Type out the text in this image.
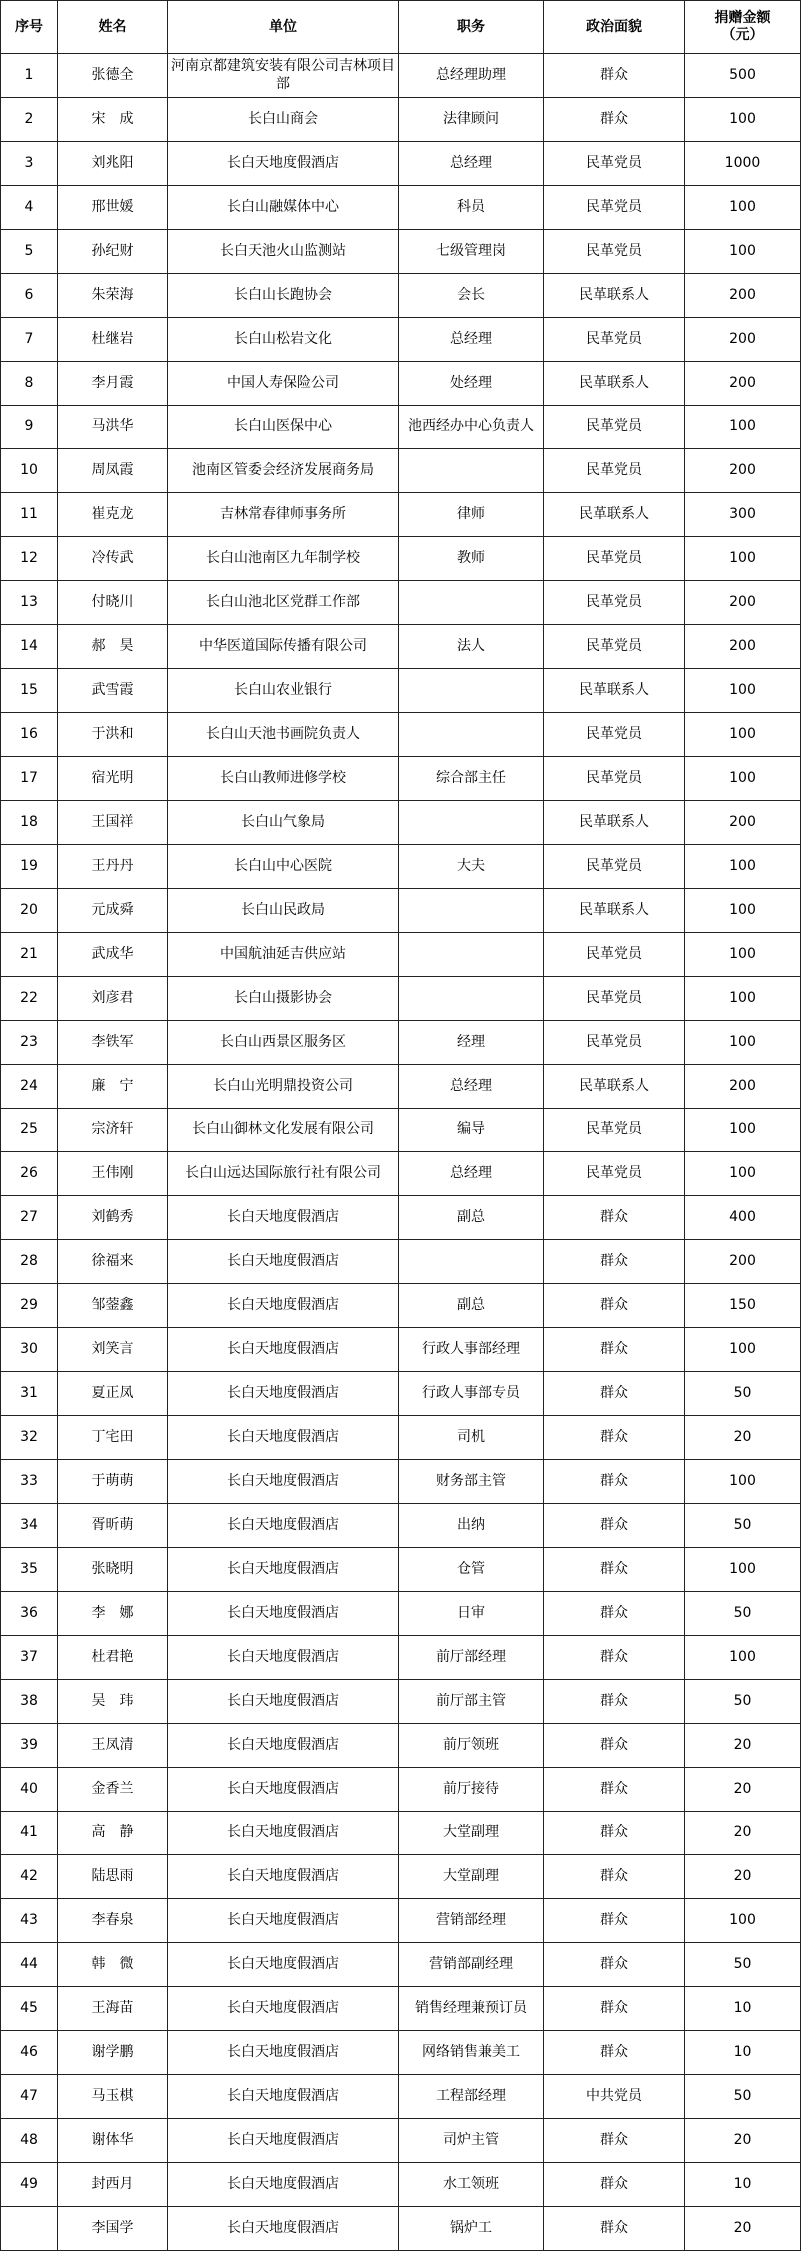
序号	姓名	单位	职务	政治面貌	捐赠金额
（元）
1	张德全	河南京都建筑安装有限公司吉林项目部	总经理助理	群众	500
2	宋　成	长白山商会	法律顾问	群众	100
3	刘兆阳	长白天地度假酒店	总经理	民革党员	1000
4	邢世媛	长白山融媒体中心	科员	民革党员	100
5	孙纪财	长白天池火山监测站	七级管理岗	民革党员	100
6	朱荣海	长白山长跑协会	会长	民革联系人	200
7	杜继岩	长白山松岩文化	总经理	民革党员	200
8	李月霞	中国人寿保险公司	处经理	民革联系人	200
9	马洪华	长白山医保中心	池西经办中心负责人	民革党员	100
10	周凤霞	池南区管委会经济发展商务局		民革党员	200
11	崔克龙	吉林常春律师事务所	律师	民革联系人	300
12	冷传武	长白山池南区九年制学校	教师	民革党员	100
13	付晓川	长白山池北区党群工作部		民革党员	200
14	郝　昊	中华医道国际传播有限公司	法人	民革党员	200
15	武雪霞	长白山农业银行		民革联系人	100
16	于洪和	长白山天池书画院负责人		民革党员	100
17	宿光明	长白山教师进修学校	综合部主任	民革党员	100
18	王国祥	长白山气象局		民革联系人	200
19	王丹丹	长白山中心医院	大夫	民革党员	100
20	元成舜	长白山民政局		民革联系人	100
21	武成华	中国航油延吉供应站		民革党员	100
22	刘彦君	长白山摄影协会		民革党员	100
23	李铁军	长白山西景区服务区	经理	民革党员	100
24	廉　宁	长白山光明鼎投资公司	总经理	民革联系人	200
25	宗济轩	长白山御林文化发展有限公司	编导	民革党员	100
26	王伟刚	长白山远达国际旅行社有限公司	总经理	民革党员	100
27	刘鹤秀	长白天地度假酒店	副总	群众	400
28	徐福来	长白天地度假酒店		群众	200
29	邹蓥鑫	长白天地度假酒店	副总	群众	150
30	刘笑言	长白天地度假酒店	行政人事部经理	群众	100
31	夏正凤	长白天地度假酒店	行政人事部专员	群众	50
32	丁宅田	长白天地度假酒店	司机	群众	20
33	于萌萌	长白天地度假酒店	财务部主管	群众	100
34	胥昕萌	长白天地度假酒店	出纳	群众	50
35	张晓明	长白天地度假酒店	仓管	群众	100
36	李　娜	长白天地度假酒店	日审	群众	50
37	杜君艳	长白天地度假酒店	前厅部经理	群众	100
38	吴　玮	长白天地度假酒店	前厅部主管	群众	50
39	王凤清	长白天地度假酒店	前厅领班	群众	20
40	金香兰	长白天地度假酒店	前厅接待	群众	20
41	高　静	长白天地度假酒店	大堂副理	群众	20
42	陆思雨	长白天地度假酒店	大堂副理	群众	20
43	李春泉	长白天地度假酒店	营销部经理	群众	100
44	韩　微	长白天地度假酒店	营销部副经理	群众	50
45	王海苗	长白天地度假酒店	销售经理兼预订员	群众	10
46	谢学鹏	长白天地度假酒店	网络销售兼美工	群众	10
47	马玉棋	长白天地度假酒店	工程部经理	中共党员	50
48	谢体华	长白天地度假酒店	司炉主管	群众	20
49	封西月	长白天地度假酒店	水工领班	群众	10
	李国学	长白天地度假酒店	锅炉工	群众	20
